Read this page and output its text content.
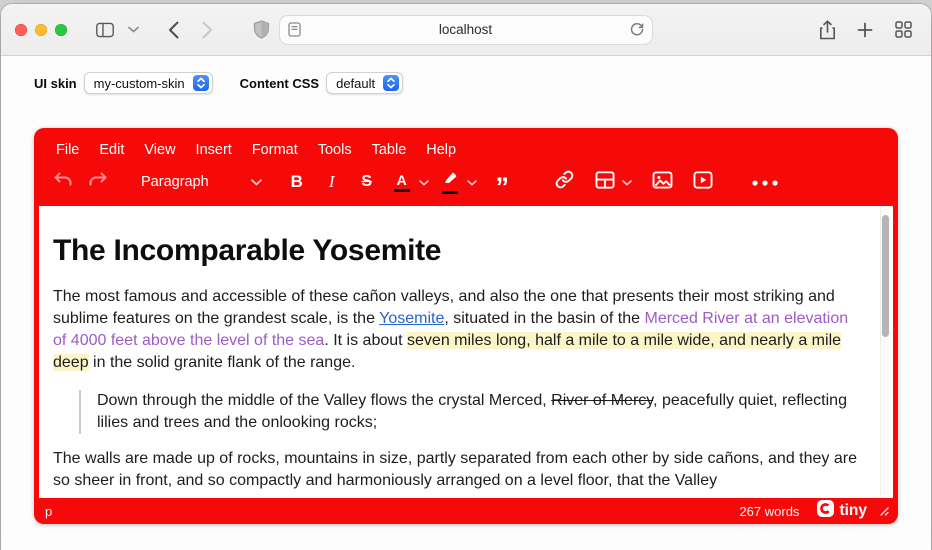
localhost
UI skin my-custom-skin	Content CSS default
File Edit View Insert Format Tools Table Help
Paragraph	B	I	S	A	”
The Incomparable Yosemite

The most famous and accessible of these cañon valleys, and also the one that presents their most striking and sublime features on the grandest scale, is the Yosemite, situated in the basin of the Merced River at an elevation of 4000 feet above the level of the sea. It is about seven miles long, half a mile to a mile wide, and nearly a mile deep in the solid granite flank of the range.

Down through the middle of the Valley flows the crystal Merced, River of Mercy, peacefully quiet, reflecting lilies and trees and the onlooking rocks;

The walls are made up of rocks, mountains in size, partly separated from each other by side cañons, and they are so sheer in front, and so compactly and harmoniously arranged on a level floor, that the Valley

p	267 words	tiny
